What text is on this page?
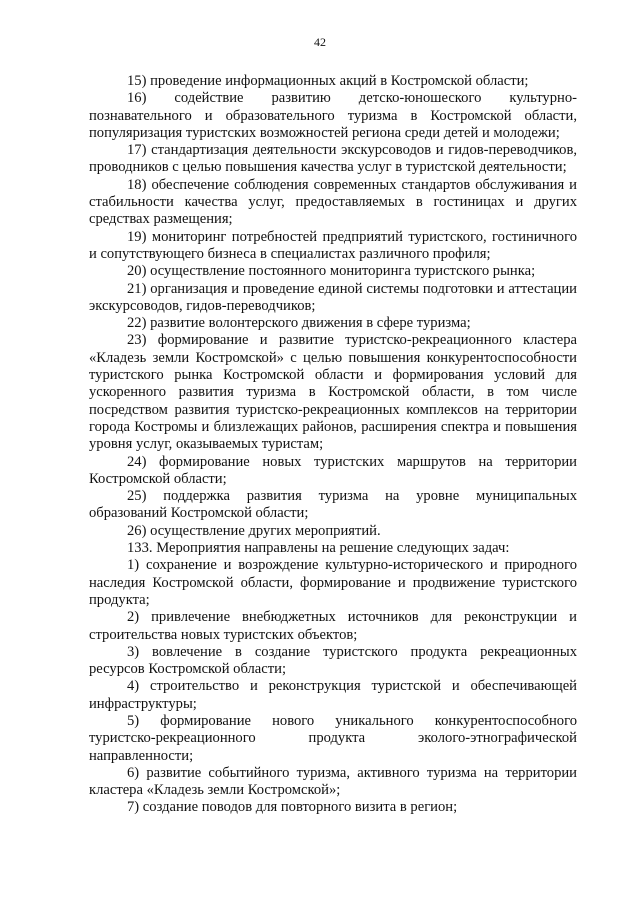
42

15) проведение информационных акций в Костромской области;

16) содействие развитию детско-юношеского культурно-познавательного и образовательного туризма в Костромской области, популяризация туристских возможностей региона среди детей и молодежи;

17) стандартизация деятельности экскурсоводов и гидов-переводчиков, проводников с целью повышения качества услуг в туристской деятельности;

18) обеспечение соблюдения современных стандартов обслуживания и стабильности качества услуг, предоставляемых в гостиницах и других средствах размещения;

19) мониторинг потребностей предприятий туристского, гостиничного и сопутствующего бизнеса в специалистах различного профиля;

20) осуществление постоянного мониторинга туристского рынка;

21) организация и проведение единой системы подготовки и аттестации экскурсоводов, гидов-переводчиков;

22) развитие волонтерского движения в сфере туризма;

23) формирование и развитие туристско-рекреационного кластера «Кладезь земли Костромской» с целью повышения конкурентоспособности туристского рынка Костромской области и формирования условий для ускоренного развития туризма в Костромской области, в том числе посредством развития туристско-рекреационных комплексов на территории города Костромы и близлежащих районов, расширения спектра и повышения уровня услуг, оказываемых туристам;

24) формирование новых туристских маршрутов на территории Костромской области;

25) поддержка развития туризма на уровне муниципальных образований Костромской области;

26) осуществление других мероприятий.

133. Мероприятия направлены на решение следующих задач:

1) сохранение и возрождение культурно-исторического и природного наследия Костромской области, формирование и продвижение туристского продукта;

2) привлечение внебюджетных источников для реконструкции и строительства новых туристских объектов;

3) вовлечение в создание туристского продукта рекреационных ресурсов Костромской области;

4) строительство и реконструкция туристской и обеспечивающей инфраструктуры;

5) формирование нового уникального конкурентоспособного туристско-рекреационного продукта эколого-этнографической направленности;

6) развитие событийного туризма, активного туризма на территории кластера «Кладезь земли Костромской»;

7) создание поводов для повторного визита в регион;
